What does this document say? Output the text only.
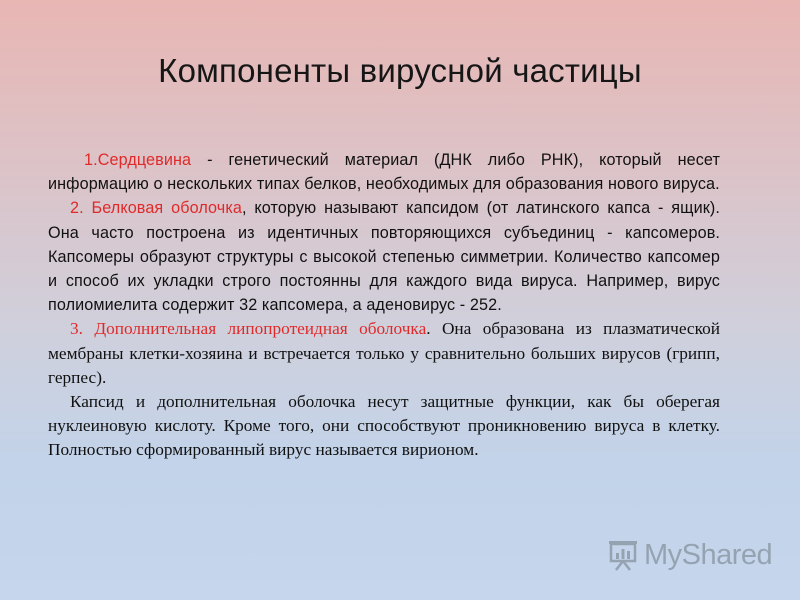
Компоненты вирусной частицы

1.Сердцевина - генетический материал (ДНК либо РНК), который несет информацию о нескольких типах белков, необходимых для образования нового вируса.

2. Белковая оболочка, которую называют капсидом (от латинского капса - ящик). Она часто построена из идентичных повторяющихся субъединиц - капсомеров. Капсомеры образуют структуры с высокой степенью симметрии. Количество капсомер и способ их укладки строго постоянны для каждого вида вируса. Например, вирус полиомиелита содержит 32 капсомера, а аденовирус - 252.

3. Дополнительная липопротеидная оболочка. Она образована из плазматической мембраны клетки-хозяина и встречается только у сравнительно больших вирусов (грипп, герпес).

Капсид и дополнительная оболочка несут защитные функции, как бы оберегая нуклеиновую кислоту. Кроме того, они способствуют проникновению вируса в клетку. Полностью сформированный вирус называется вирионом.

MyShared
